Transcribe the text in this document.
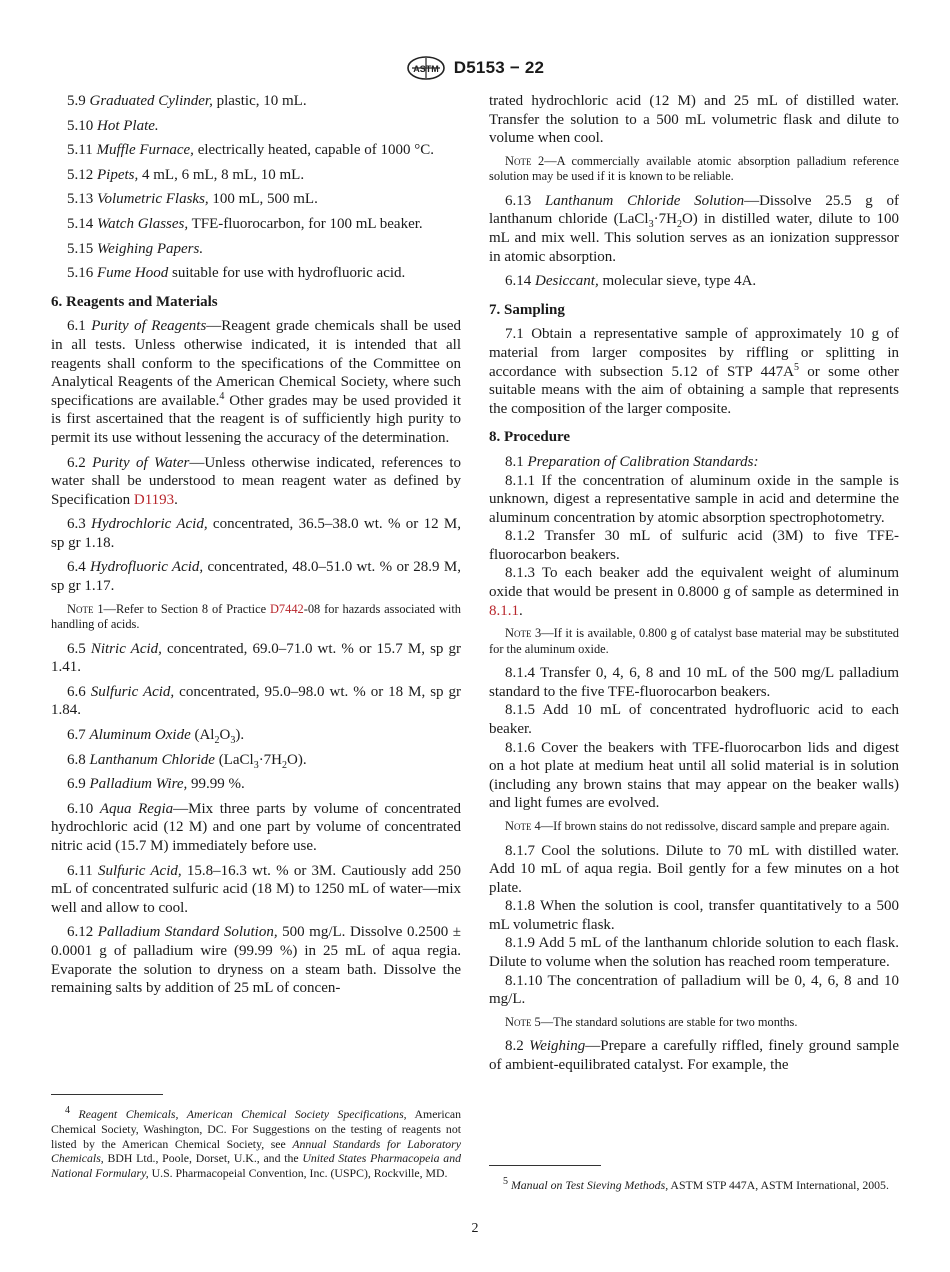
ASTM D5153 − 22

5.9 Graduated Cylinder, plastic, 10 mL.

5.10 Hot Plate.

5.11 Muffle Furnace, electrically heated, capable of 1000 °C.

5.12 Pipets, 4 mL, 6 mL, 8 mL, 10 mL.

5.13 Volumetric Flasks, 100 mL, 500 mL.

5.14 Watch Glasses, TFE-fluorocarbon, for 100 mL beaker.

5.15 Weighing Papers.

5.16 Fume Hood suitable for use with hydrofluoric acid.

6. Reagents and Materials

6.1 Purity of Reagents—Reagent grade chemicals shall be used in all tests. Unless otherwise indicated, it is intended that all reagents shall conform to the specifications of the Committee on Analytical Reagents of the American Chemical Society, where such specifications are available.$^4$ Other grades may be used provided it is first ascertained that the reagent is of sufficiently high purity to permit its use without lessening the accuracy of the determination.

6.2 Purity of Water—Unless otherwise indicated, references to water shall be understood to mean reagent water as defined by Specification D1193.

6.3 Hydrochloric Acid, concentrated, 36.5–38.0 wt. % or 12 M, sp gr 1.18.

6.4 Hydrofluoric Acid, concentrated, 48.0–51.0 wt. % or 28.9 M, sp gr 1.17.

Note 1—Refer to Section 8 of Practice D7442-08 for hazards associated with handling of acids.

6.5 Nitric Acid, concentrated, 69.0–71.0 wt. % or 15.7 M, sp gr 1.41.

6.6 Sulfuric Acid, concentrated, 95.0–98.0 wt. % or 18 M, sp gr 1.84.

6.7 Aluminum Oxide $(Al_2O_3)$.

6.8 Lanthanum Chloride $(LaCl_3\cdot 7H_2O)$.

6.9 Palladium Wire, 99.99 %.

6.10 Aqua Regia—Mix three parts by volume of concentrated hydrochloric acid (12 M) and one part by volume of concentrated nitric acid (15.7 M) immediately before use.

6.11 Sulfuric Acid, 15.8–16.3 wt. % or 3M. Cautiously add 250 mL of concentrated sulfuric acid (18 M) to 1250 mL of water—mix well and allow to cool.

6.12 Palladium Standard Solution, 500 mg/L. Dissolve 0.2500 ± 0.0001 g of palladium wire (99.99 %) in 25 mL of aqua regia. Evaporate the solution to dryness on a steam bath. Dissolve the remaining salts by addition of 25 mL of concen-

$^4$ Reagent Chemicals, American Chemical Society Specifications, American Chemical Society, Washington, DC. For Suggestions on the testing of reagents not listed by the American Chemical Society, see Annual Standards for Laboratory Chemicals, BDH Ltd., Poole, Dorset, U.K., and the United States Pharmacopeia and National Formulary, U.S. Pharmacopeial Convention, Inc. (USPC), Rockville, MD.

trated hydrochloric acid (12 M) and 25 mL of distilled water. Transfer the solution to a 500 mL volumetric flask and dilute to volume when cool.

Note 2—A commercially available atomic absorption palladium reference solution may be used if it is known to be reliable.

6.13 Lanthanum Chloride Solution—Dissolve 25.5 g of lanthanum chloride $(LaCl_3\cdot 7H_2O)$ in distilled water, dilute to 100 mL and mix well. This solution serves as an ionization suppressor in atomic absorption.

6.14 Desiccant, molecular sieve, type 4A.

7. Sampling

7.1 Obtain a representative sample of approximately 10 g of material from larger composites by riffling or splitting in accordance with subsection 5.12 of STP $447A^5$ or some other suitable means with the aim of obtaining a sample that represents the composition of the larger composite.

8. Procedure

8.1 Preparation of Calibration Standards:

8.1.1 If the concentration of aluminum oxide in the sample is unknown, digest a representative sample in acid and determine the aluminum concentration by atomic absorption spectrophotometry.

8.1.2 Transfer 30 mL of sulfuric acid (3M) to five TFE-fluorocarbon beakers.

8.1.3 To each beaker add the equivalent weight of aluminum oxide that would be present in 0.8000 g of sample as determined in 8.1.1.

Note 3—If it is available, 0.800 g of catalyst base material may be substituted for the aluminum oxide.

8.1.4 Transfer 0, 4, 6, 8 and 10 mL of the 500 mg/L palladium standard to the five TFE-fluorocarbon beakers.

8.1.5 Add 10 mL of concentrated hydrofluoric acid to each beaker.

8.1.6 Cover the beakers with TFE-fluorocarbon lids and digest on a hot plate at medium heat until all solid material is in solution (including any brown stains that may appear on the beaker walls) and light fumes are evolved.

Note 4—If brown stains do not redissolve, discard sample and prepare again.

8.1.7 Cool the solutions. Dilute to 70 mL with distilled water. Add 10 mL of aqua regia. Boil gently for a few minutes on a hot plate.

8.1.8 When the solution is cool, transfer quantitatively to a 500 mL volumetric flask.

8.1.9 Add 5 mL of the lanthanum chloride solution to each flask. Dilute to volume when the solution has reached room temperature.

8.1.10 The concentration of palladium will be 0, 4, 6, 8 and 10 mg/L.

Note 5—The standard solutions are stable for two months.

8.2 Weighing—Prepare a carefully riffled, finely ground sample of ambient-equilibrated catalyst. For example, the

$^5$ Manual on Test Sieving Methods, ASTM STP 447A, ASTM International, 2005.

2
